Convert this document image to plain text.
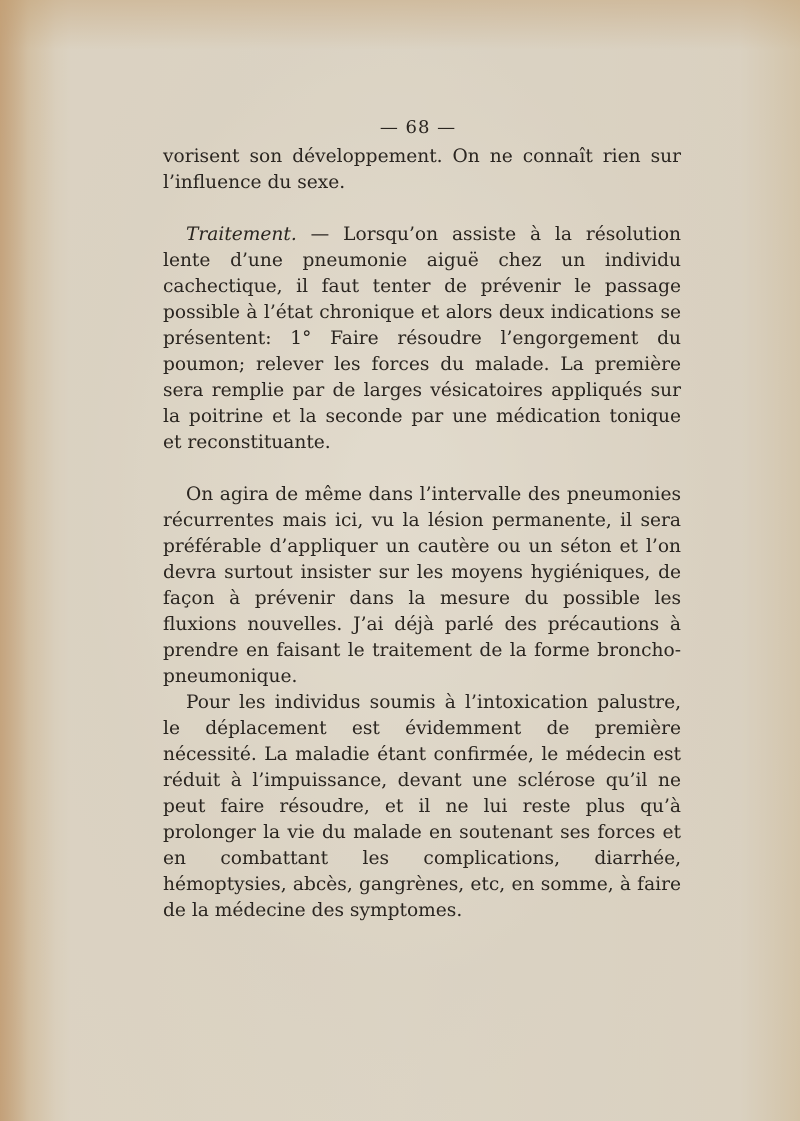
— 68 —

vorisent son développement. On ne connaît rien sur l’influence du sexe.

Traitement. — Lorsqu’on assiste à la résolution lente d’une pneumonie aiguë chez un individu cachectique, il faut tenter de prévenir le passage possible à l’état chronique et alors deux indications se présentent: 1° Faire résoudre l’engorgement du poumon; relever les forces du malade. La première sera remplie par de larges vésicatoires appliqués sur la poitrine et la seconde par une médication tonique et reconstituante.

On agira de même dans l’intervalle des pneumonies récurrentes mais ici, vu la lésion permanente, il sera préférable d’appliquer un cautère ou un séton et l’on devra surtout insister sur les moyens hygiéniques, de façon à prévenir dans la mesure du possible les fluxions nouvelles. J’ai déjà parlé des précautions à prendre en faisant le traitement de la forme broncho-pneumonique.

Pour les individus soumis à l’intoxication palustre, le déplacement est évidemment de première nécessité. La maladie étant confirmée, le médecin est réduit à l’impuissance, devant une sclérose qu’il ne peut faire résoudre, et il ne lui reste plus qu’à prolonger la vie du malade en soutenant ses forces et en combattant les complications, diarrhée, hémoptysies, abcès, gangrènes, etc, en somme, à faire de la médecine des symptomes.
